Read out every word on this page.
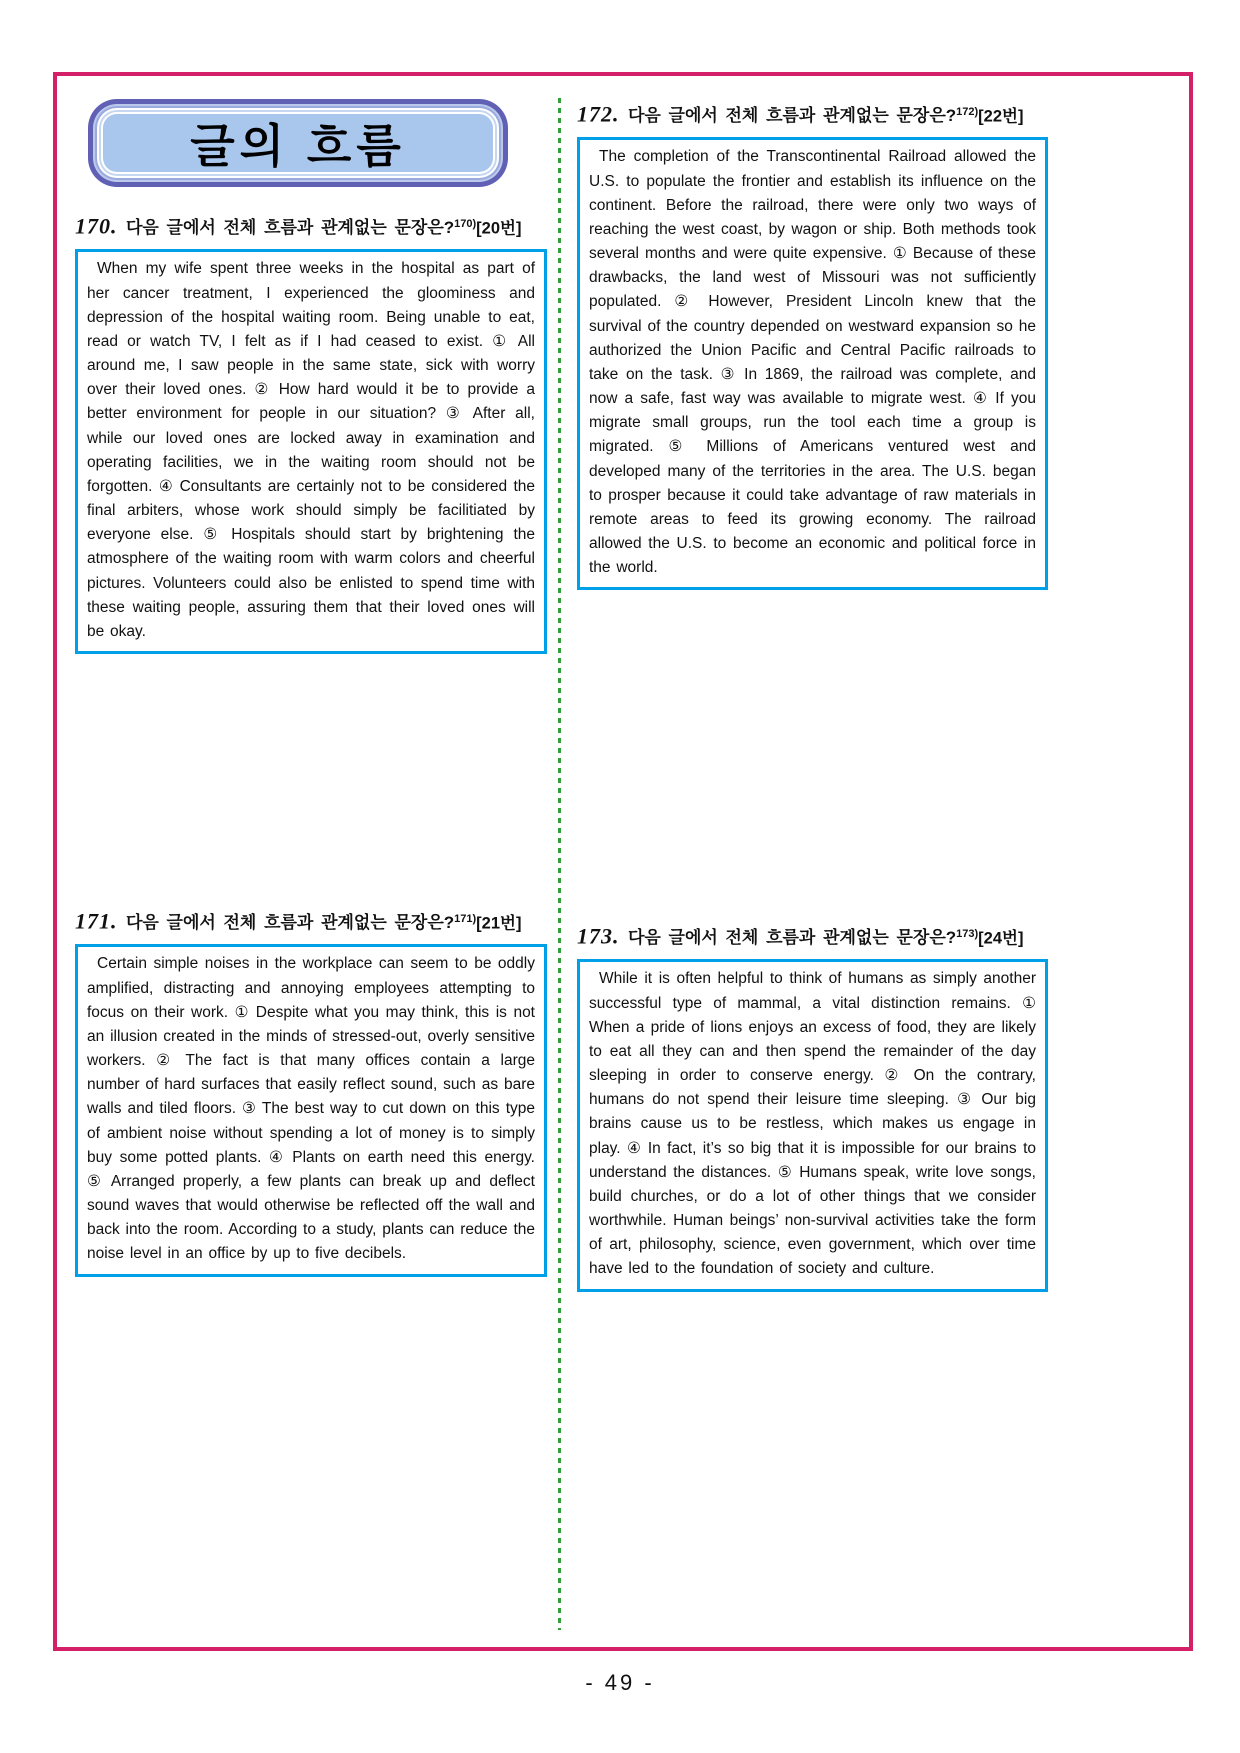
글의 흐름
170. 다음 글에서 전체 흐름과 관계없는 문장은?$^{170)}$[20번]

When my wife spent three weeks in the hospital as part of her cancer treatment, I experienced the gloominess and depression of the hospital waiting room. Being unable to eat, read or watch TV, I felt as if I had ceased to exist. ① All around me, I saw people in the same state, sick with worry over their loved ones. ② How hard would it be to provide a better environment for people in our situation? ③ After all, while our loved ones are locked away in examination and operating facilities, we in the waiting room should not be forgotten. ④ Consultants are certainly not to be considered the final arbiters, whose work should simply be facilitiated by everyone else. ⑤ Hospitals should start by brightening the atmosphere of the waiting room with warm colors and cheerful pictures. Volunteers could also be enlisted to spend time with these waiting people, assuring them that their loved ones will be okay.

171. 다음 글에서 전체 흐름과 관계없는 문장은?$^{171)}$[21번]

Certain simple noises in the workplace can seem to be oddly amplified, distracting and annoying employees attempting to focus on their work. ① Despite what you may think, this is not an illusion created in the minds of stressed-out, overly sensitive workers. ② The fact is that many offices contain a large number of hard surfaces that easily reflect sound, such as bare walls and tiled floors. ③ The best way to cut down on this type of ambient noise without spending a lot of money is to simply buy some potted plants. ④ Plants on earth need this energy. ⑤ Arranged properly, a few plants can break up and deflect sound waves that would otherwise be reflected off the wall and back into the room. According to a study, plants can reduce the noise level in an office by up to five decibels.

172. 다음 글에서 전체 흐름과 관계없는 문장은?$^{172)}$[22번]

The completion of the Transcontinental Railroad allowed the U.S. to populate the frontier and establish its influence on the continent. Before the railroad, there were only two ways of reaching the west coast, by wagon or ship. Both methods took several months and were quite expensive. ① Because of these drawbacks, the land west of Missouri was not sufficiently populated. ② However, President Lincoln knew that the survival of the country depended on westward expansion so he authorized the Union Pacific and Central Pacific railroads to take on the task. ③ In 1869, the railroad was complete, and now a safe, fast way was available to migrate west. ④ If you migrate small groups, run the tool each time a group is migrated. ⑤ Millions of Americans ventured west and developed many of the territories in the area. The U.S. began to prosper because it could take advantage of raw materials in remote areas to feed its growing economy. The railroad allowed the U.S. to become an economic and political force in the world.

173. 다음 글에서 전체 흐름과 관계없는 문장은?$^{173)}$[24번]

While it is often helpful to think of humans as simply another successful type of mammal, a vital distinction remains. ① When a pride of lions enjoys an excess of food, they are likely to eat all they can and then spend the remainder of the day sleeping in order to conserve energy. ② On the contrary, humans do not spend their leisure time sleeping. ③ Our big brains cause us to be restless, which makes us engage in play. ④ In fact, it’s so big that it is impossible for our brains to understand the distances. ⑤ Humans speak, write love songs, build churches, or do a lot of other things that we consider worthwhile. Human beings’ non-survival activities take the form of art, philosophy, science, even government, which over time have led to the foundation of society and culture.

- 49 -
